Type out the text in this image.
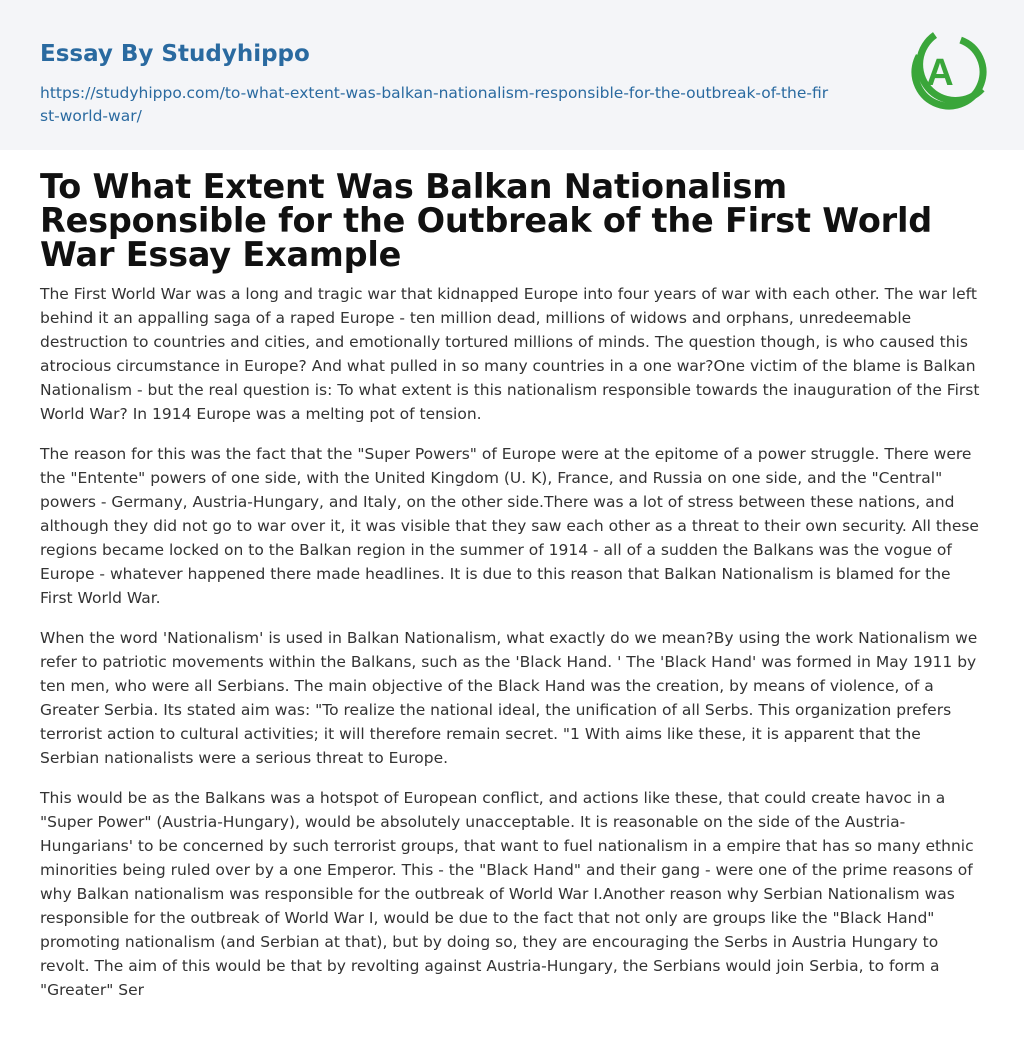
Essay By Studyhippo
https://studyhippo.com/to-what-extent-was-balkan-nationalism-responsible-for-the-outbreak-of-the-first-world-war/
A
To What Extent Was Balkan Nationalism Responsible for the Outbreak of the First World War Essay Example

The First World War was a long and tragic war that kidnapped Europe into four years of war with each other. The war left behind it an appalling saga of a raped Europe - ten million dead, millions of widows and orphans, unredeemable destruction to countries and cities, and emotionally tortured millions of minds. The question though, is who caused this atrocious circumstance in Europe? And what pulled in so many countries in a one war?One victim of the blame is Balkan Nationalism - but the real question is: To what extent is this nationalism responsible towards the inauguration of the First World War? In 1914 Europe was a melting pot of tension.

The reason for this was the fact that the "Super Powers" of Europe were at the epitome of a power struggle. There were the "Entente" powers of one side, with the United Kingdom (U. K), France, and Russia on one side, and the "Central" powers - Germany, Austria-Hungary, and Italy, on the other side.There was a lot of stress between these nations, and although they did not go to war over it, it was visible that they saw each other as a threat to their own security. All these regions became locked on to the Balkan region in the summer of 1914 - all of a sudden the Balkans was the vogue of Europe - whatever happened there made headlines. It is due to this reason that Balkan Nationalism is blamed for the First World War.

When the word 'Nationalism' is used in Balkan Nationalism, what exactly do we mean?By using the work Nationalism we refer to patriotic movements within the Balkans, such as the 'Black Hand. ' The 'Black Hand' was formed in May 1911 by ten men, who were all Serbians. The main objective of the Black Hand was the creation, by means of violence, of a Greater Serbia. Its stated aim was: "To realize the national ideal, the unification of all Serbs. This organization prefers terrorist action to cultural activities; it will therefore remain secret. "1 With aims like these, it is apparent that the Serbian nationalists were a serious threat to Europe.

This would be as the Balkans was a hotspot of European conflict, and actions like these, that could create havoc in a "Super Power" (Austria-Hungary), would be absolutely unacceptable. It is reasonable on the side of the Austria-Hungarians' to be concerned by such terrorist groups, that want to fuel nationalism in a empire that has so many ethnic minorities being ruled over by a one Emperor. This - the "Black Hand" and their gang - were one of the prime reasons of why Balkan nationalism was responsible for the outbreak of World War I.Another reason why Serbian Nationalism was responsible for the outbreak of World War I, would be due to the fact that not only are groups like the "Black Hand" promoting nationalism (and Serbian at that), but by doing so, they are encouraging the Serbs in Austria Hungary to revolt. The aim of this would be that by revolting against Austria-Hungary, the Serbians would join Serbia, to form a "Greater" Ser
